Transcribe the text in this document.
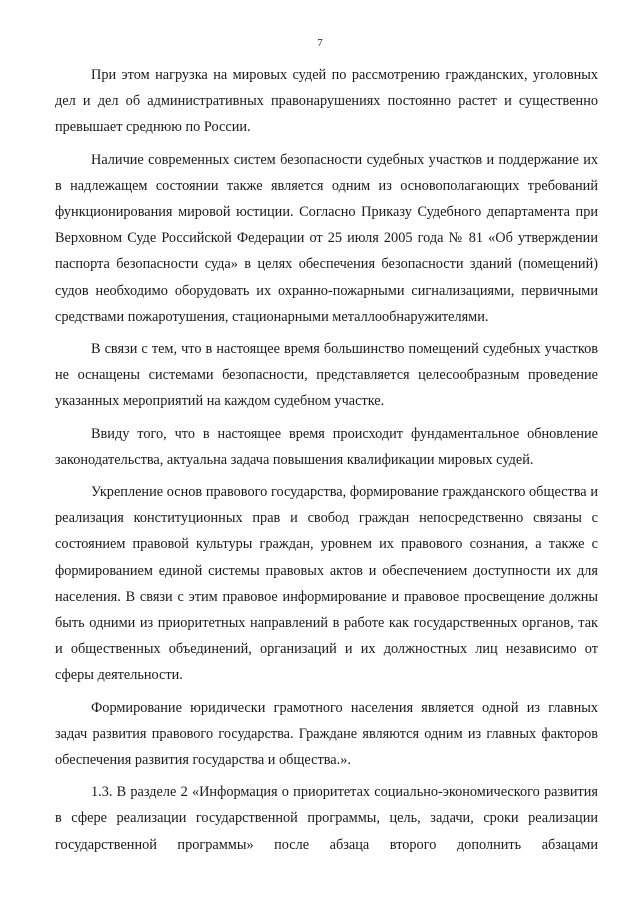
7

При этом нагрузка на мировых судей по рассмотрению гражданских, уголовных дел и дел об административных правонарушениях постоянно растет и существенно превышает среднюю по России.

Наличие современных систем безопасности судебных участков и поддержание их в надлежащем состоянии также является одним из основополагающих требований функционирования мировой юстиции. Согласно Приказу Судебного департамента при Верховном Суде Российской Федерации от 25 июля 2005 года № 81 «Об утверждении паспорта безопасности суда» в целях обеспечения безопасности зданий (помещений) судов необходимо оборудовать их охранно-пожарными сигнализациями, первичными средствами пожаротушения, стационарными металлообнаружителями.

В связи с тем, что в настоящее время большинство помещений судебных участков не оснащены системами безопасности, представляется целесообразным проведение указанных мероприятий на каждом судебном участке.

Ввиду того, что в настоящее время происходит фундаментальное обновление законодательства, актуальна задача повышения квалификации мировых судей.

Укрепление основ правового государства, формирование гражданского общества и реализация конституционных прав и свобод граждан непосредственно связаны с состоянием правовой культуры граждан, уровнем их правового сознания, а также с формированием единой системы правовых актов и обеспечением доступности их для населения. В связи с этим правовое информирование и правовое просвещение должны быть одними из приоритетных направлений в работе как государственных органов, так и общественных объединений, организаций и их должностных лиц независимо от сферы деятельности.

Формирование юридически грамотного населения является одной из главных задач развития правового государства. Граждане являются одним из главных факторов обеспечения развития государства и общества.».

1.3. В разделе 2 «Информация о приоритетах социально-экономического развития в сфере реализации государственной программы, цель, задачи, сроки реализации государственной программы» после абзаца второго дополнить абзацами
